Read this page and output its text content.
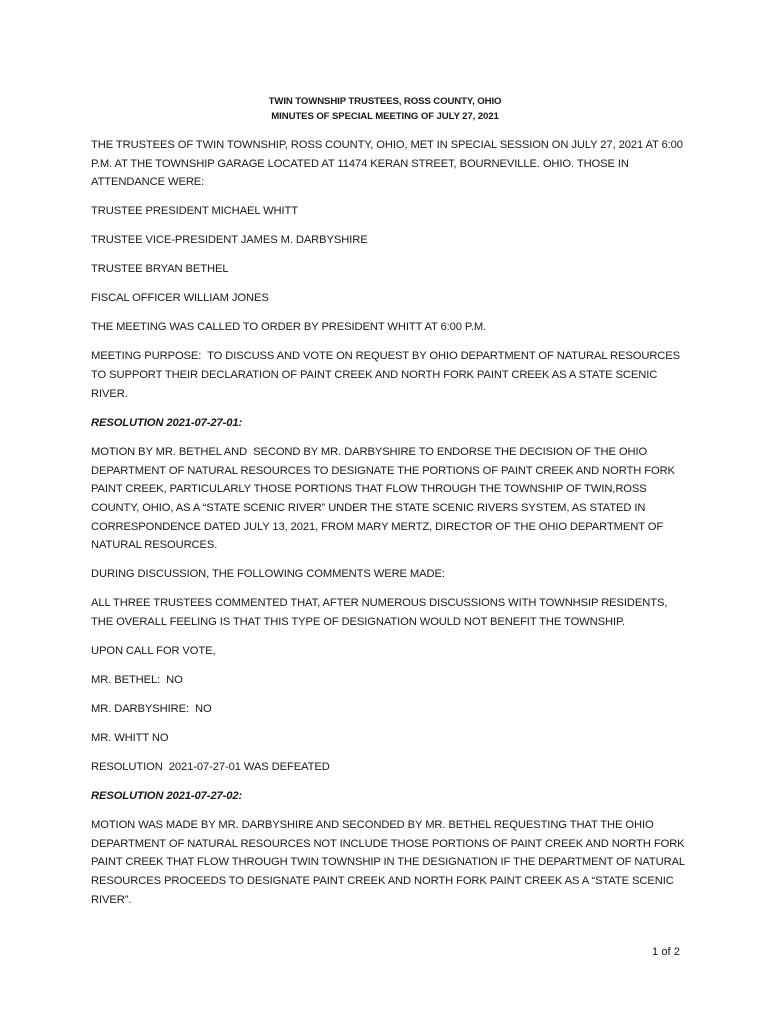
TWIN TOWNSHIP TRUSTEES, ROSS COUNTY, OHIO
MINUTES OF SPECIAL MEETING OF JULY 27, 2021

THE TRUSTEES OF TWIN TOWNSHIP, ROSS COUNTY, OHIO, MET IN SPECIAL SESSION ON JULY 27, 2021 AT 6:00 P.M. AT THE TOWNSHIP GARAGE LOCATED AT 11474 KERAN STREET, BOURNEVILLE. OHIO. THOSE IN ATTENDANCE WERE:

TRUSTEE PRESIDENT MICHAEL WHITT

TRUSTEE VICE-PRESIDENT JAMES M. DARBYSHIRE

TRUSTEE BRYAN BETHEL

FISCAL OFFICER WILLIAM JONES

THE MEETING WAS CALLED TO ORDER BY PRESIDENT WHITT AT 6:00 P.M.

MEETING PURPOSE:  TO DISCUSS AND VOTE ON REQUEST BY OHIO DEPARTMENT OF NATURAL RESOURCES TO SUPPORT THEIR DECLARATION OF PAINT CREEK AND NORTH FORK PAINT CREEK AS A STATE SCENIC RIVER.

RESOLUTION 2021-07-27-01:

MOTION BY MR. BETHEL AND  SECOND BY MR. DARBYSHIRE TO ENDORSE THE DECISION OF THE OHIO DEPARTMENT OF NATURAL RESOURCES TO DESIGNATE THE PORTIONS OF PAINT CREEK AND NORTH FORK PAINT CREEK, PARTICULARLY THOSE PORTIONS THAT FLOW THROUGH THE TOWNSHIP OF TWIN,ROSS COUNTY, OHIO, AS A “STATE SCENIC RIVER” UNDER THE STATE SCENIC RIVERS SYSTEM, AS STATED IN CORRESPONDENCE DATED JULY 13, 2021, FROM MARY MERTZ, DIRECTOR OF THE OHIO DEPARTMENT OF NATURAL RESOURCES.

DURING DISCUSSION, THE FOLLOWING COMMENTS WERE MADE:

ALL THREE TRUSTEES COMMENTED THAT, AFTER NUMEROUS DISCUSSIONS WITH TOWNHSIP RESIDENTS, THE OVERALL FEELING IS THAT THIS TYPE OF DESIGNATION WOULD NOT BENEFIT THE TOWNSHIP.

UPON CALL FOR VOTE,

MR. BETHEL:  NO

MR. DARBYSHIRE:  NO

MR. WHITT NO

RESOLUTION  2021-07-27-01 WAS DEFEATED

RESOLUTION 2021-07-27-02:

MOTION WAS MADE BY MR. DARBYSHIRE AND SECONDED BY MR. BETHEL REQUESTING THAT THE OHIO DEPARTMENT OF NATURAL RESOURCES NOT INCLUDE THOSE PORTIONS OF PAINT CREEK AND NORTH FORK PAINT CREEK THAT FLOW THROUGH TWIN TOWNSHIP IN THE DESIGNATION IF THE DEPARTMENT OF NATURAL RESOURCES PROCEEDS TO DESIGNATE PAINT CREEK AND NORTH FORK PAINT CREEK AS A “STATE SCENIC RIVER”.

1 of 2
